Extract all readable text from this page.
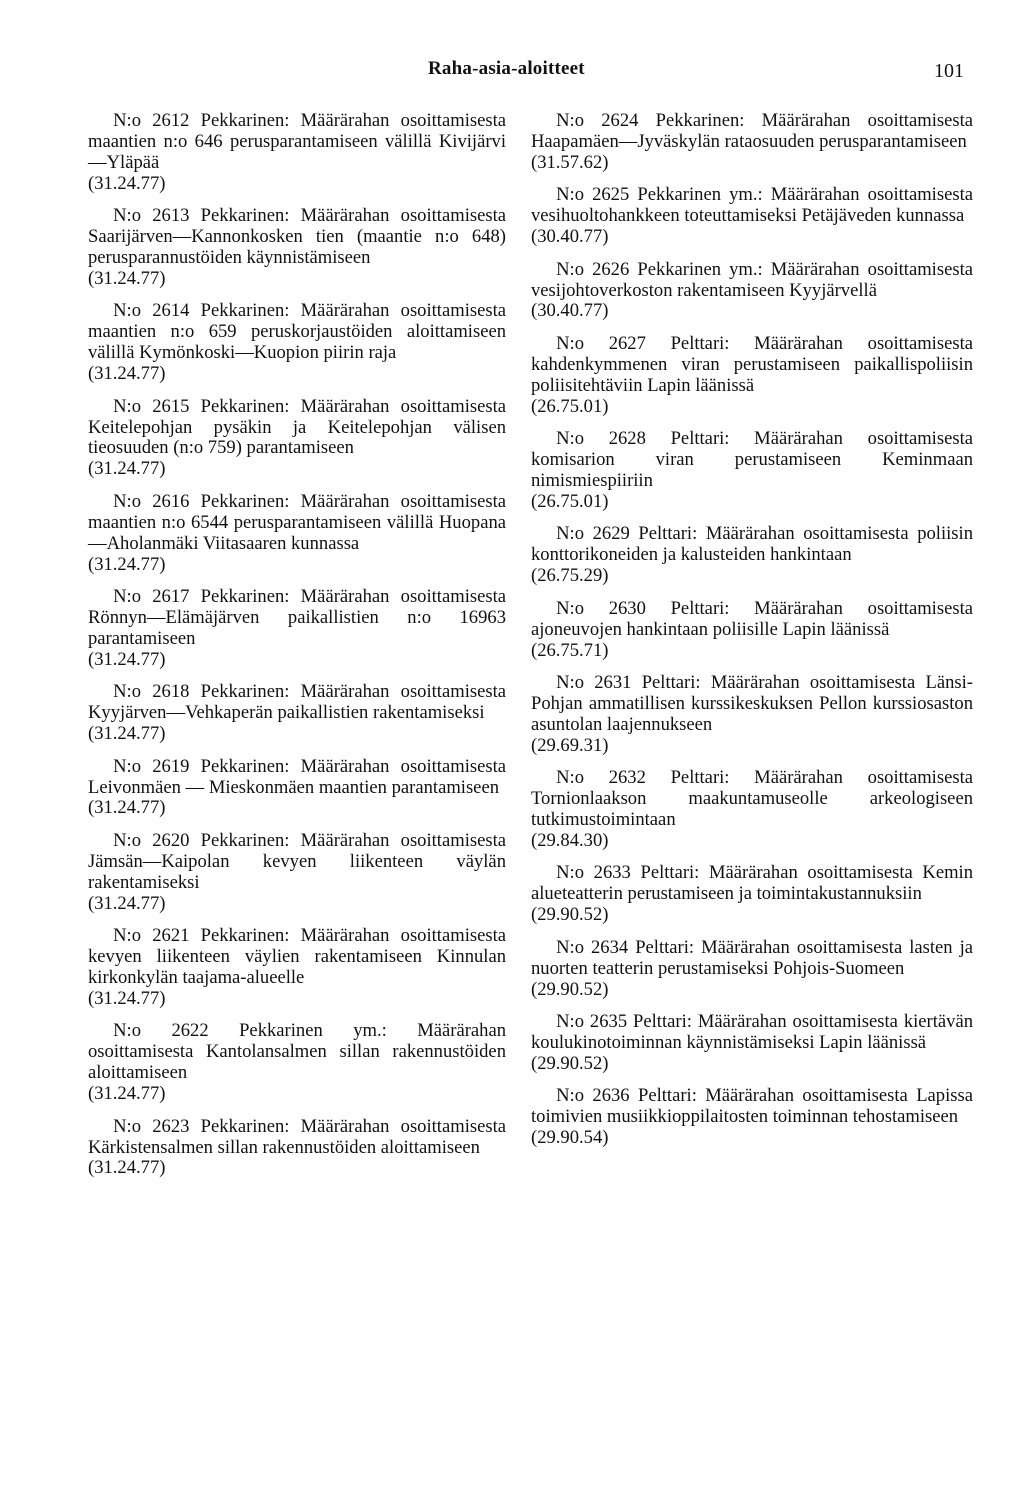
Raha-asia-aloitteet	101

N:o 2612 Pekkarinen: Määrärahan osoittamisesta maantien n:o 646 perusparantamiseen välillä Kivijärvi—Yläpää

(31.24.77)

N:o 2613 Pekkarinen: Määrärahan osoittamisesta Saarijärven—Kannonkosken tien (maantie n:o 648) perusparannustöiden käynnistämiseen

(31.24.77)

N:o 2614 Pekkarinen: Määrärahan osoittamisesta maantien n:o 659 peruskorjaustöiden aloittamiseen välillä Kymönkoski—Kuopion piirin raja

(31.24.77)

N:o 2615 Pekkarinen: Määrärahan osoittamisesta Keitelepohjan pysäkin ja Keitelepohjan välisen tieosuuden (n:o 759) parantamiseen

(31.24.77)

N:o 2616 Pekkarinen: Määrärahan osoittamisesta maantien n:o 6544 perusparantamiseen välillä Huopana—Aholanmäki Viitasaaren kunnassa

(31.24.77)

N:o 2617 Pekkarinen: Määrärahan osoittamisesta Rönnyn—Elämäjärven paikallistien n:o 16963 parantamiseen

(31.24.77)

N:o 2618 Pekkarinen: Määrärahan osoittamisesta Kyyjärven—Vehkaperän paikallistien rakentamiseksi

(31.24.77)

N:o 2619 Pekkarinen: Määrärahan osoittamisesta Leivonmäen — Mieskonmäen maantien parantamiseen

(31.24.77)

N:o 2620 Pekkarinen: Määrärahan osoittamisesta Jämsän—Kaipolan kevyen liikenteen väylän rakentamiseksi

(31.24.77)

N:o 2621 Pekkarinen: Määrärahan osoittamisesta kevyen liikenteen väylien rakentamiseen Kinnulan kirkonkylän taajama-alueelle

(31.24.77)

N:o 2622 Pekkarinen ym.: Määrärahan osoittamisesta Kantolansalmen sillan rakennustöiden aloittamiseen

(31.24.77)

N:o 2623 Pekkarinen: Määrärahan osoittamisesta Kärkistensalmen sillan rakennustöiden aloittamiseen

(31.24.77)

N:o 2624 Pekkarinen: Määrärahan osoittamisesta Haapamäen—Jyväskylän rataosuuden perusparantamiseen

(31.57.62)

N:o 2625 Pekkarinen ym.: Määrärahan osoittamisesta vesihuoltohankkeen toteuttamiseksi Petäjäveden kunnassa

(30.40.77)

N:o 2626 Pekkarinen ym.: Määrärahan osoittamisesta vesijohtoverkoston rakentamiseen Kyyjärvellä

(30.40.77)

N:o 2627 Pelttari: Määrärahan osoittamisesta kahdenkymmenen viran perustamiseen paikallispoliisin poliisitehtäviin Lapin läänissä

(26.75.01)

N:o 2628 Pelttari: Määrärahan osoittamisesta komisarion viran perustamiseen Keminmaan nimismiespiiriin

(26.75.01)

N:o 2629 Pelttari: Määrärahan osoittamisesta poliisin konttorikoneiden ja kalusteiden hankintaan

(26.75.29)

N:o 2630 Pelttari: Määrärahan osoittamisesta ajoneuvojen hankintaan poliisille Lapin läänissä

(26.75.71)

N:o 2631 Pelttari: Määrärahan osoittamisesta Länsi-Pohjan ammatillisen kurssikeskuksen Pellon kurssiosaston asuntolan laajennukseen

(29.69.31)

N:o 2632 Pelttari: Määrärahan osoittamisesta Tornionlaakson maakuntamuseolle arkeologiseen tutkimustoimintaan

(29.84.30)

N:o 2633 Pelttari: Määrärahan osoittamisesta Kemin alueteatterin perustamiseen ja toimintakustannuksiin

(29.90.52)

N:o 2634 Pelttari: Määrärahan osoittamisesta lasten ja nuorten teatterin perustamiseksi Pohjois-Suomeen

(29.90.52)

N:o 2635 Pelttari: Määrärahan osoittamisesta kiertävän koulukinotoiminnan käynnistämiseksi Lapin läänissä

(29.90.52)

N:o 2636 Pelttari: Määrärahan osoittamisesta Lapissa toimivien musiikkioppilaitosten toiminnan tehostamiseen

(29.90.54)
